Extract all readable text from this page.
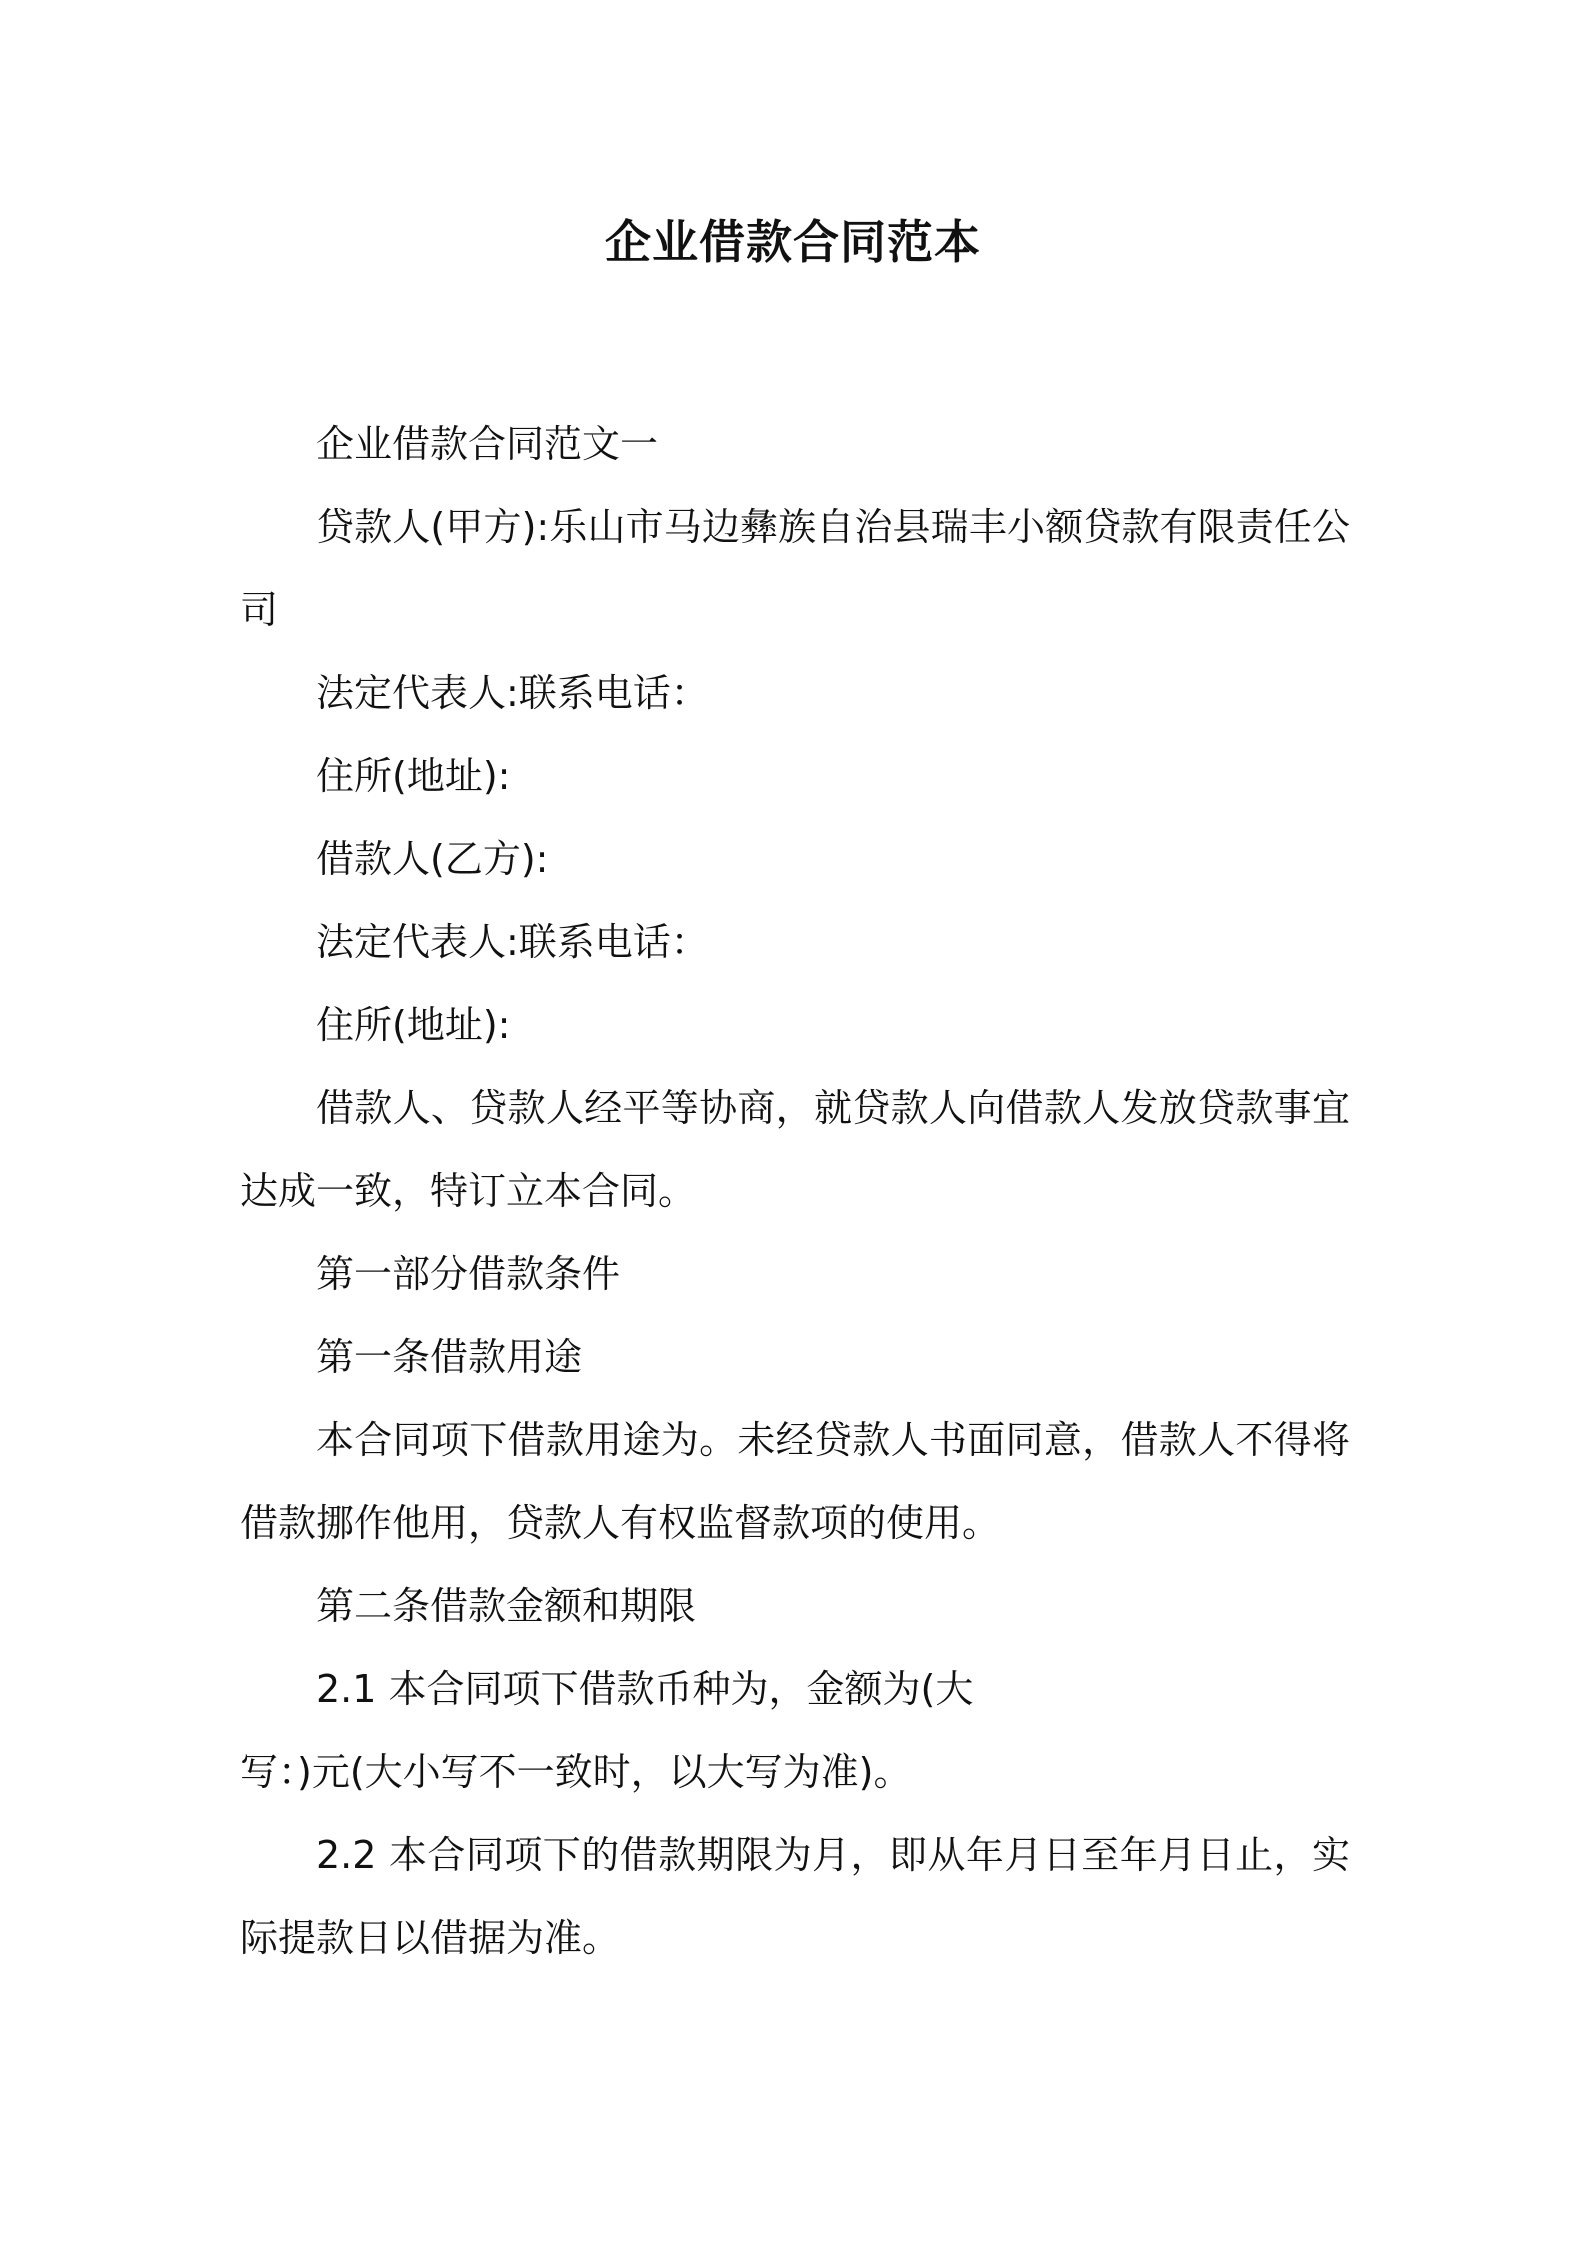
企业借款合同范本

企业借款合同范文一

贷款人(甲方):乐山市马边彝族自治县瑞丰小额贷款有限责任公司

法定代表人:联系电话：

住所(地址):

借款人(乙方):

法定代表人:联系电话：

住所(地址):

借款人、贷款人经平等协商，就贷款人向借款人发放贷款事宜达成一致，特订立本合同。

第一部分借款条件

第一条借款用途

本合同项下借款用途为。未经贷款人书面同意，借款人不得将借款挪作他用，贷款人有权监督款项的使用。

第二条借款金额和期限

2.1 本合同项下借款币种为，金额为(大

写：)元(大小写不一致时，以大写为准)。

2.2 本合同项下的借款期限为月，即从年月日至年月日止，实际提款日以借据为准。
